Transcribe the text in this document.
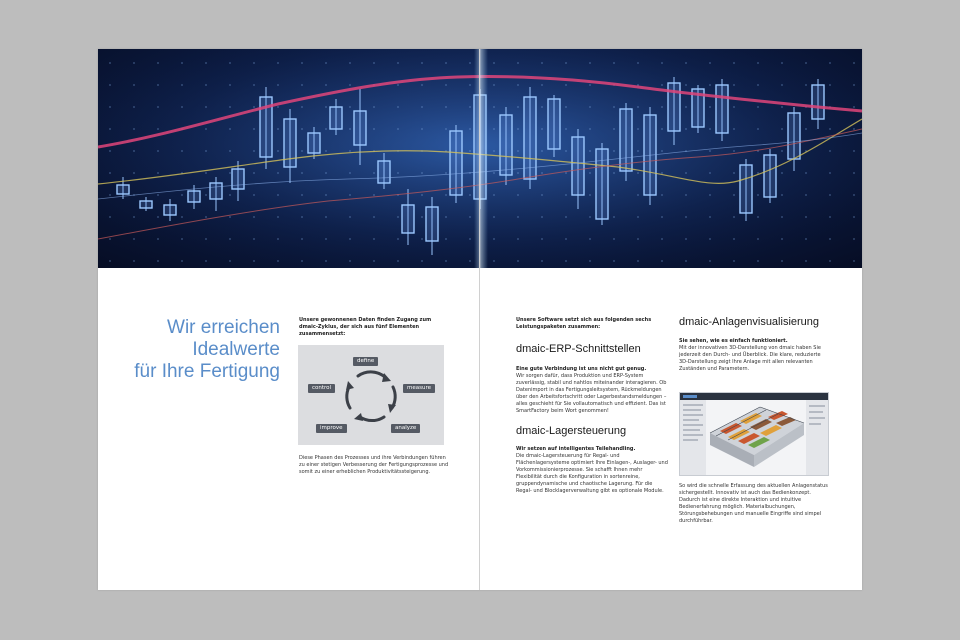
Wir erreichen
Idealwerte
für Ihre Fertigung

Unsere gewonnenen Daten finden Zugang zum dmaic-Zyklus, der sich aus fünf Elementen zusammensetzt:

define
measure
analyze
improve
control

Diese Phasen des Prozesses und ihre Verbindungen führen zu einer stetigen Verbesserung der Fertigungsprozesse und somit zu einer erheblichen Produktivitätssteigerung.

Unsere Software setzt sich aus folgenden sechs Leistungspaketen zusammen:

dmaic-ERP-Schnittstellen

Eine gute Verbindung ist uns nicht gut genug.

Wir sorgen dafür, dass Produktion und ERP-System zuverlässig, stabil und nahtlos miteinander interagieren. Ob Datenimport in das Fertigungsleitsystem, Rückmeldungen über den Arbeitsfortschritt oder Lagerbestandsmeldungen – alles geschieht für Sie vollautomatisch und effizient. Das ist SmartFactory beim Wort genommen!

dmaic-Lagersteuerung

Wir setzen auf intelligentes Teilehandling.

Die dmaic-Lagersteuerung für Regal- und Flächenlagersysteme optimiert Ihre Einlagen-, Auslager- und Vorkommissionierprozesse. Sie schafft Ihnen mehr Flexibilität durch die Konfiguration in sortenreine, gruppendynamische und chaotische Lagerung. Für die Regal- und Blocklagerverwaltung gibt es optionale Module.

dmaic-Anlagenvisualisierung

Sie sehen, wie es einfach funktioniert.

Mit der innovativen 3D-Darstellung von dmaic haben Sie jederzeit den Durch- und Überblick. Die klare, reduzierte 3D-Darstellung zeigt Ihre Anlage mit allen relevanten Zuständen und Parametern.

So wird die schnelle Erfassung des aktuellen Anlagenstatus sichergestellt. Innovativ ist auch das Bedienkonzept. Dadurch ist eine direkte Interaktion und intuitive Bedienerfahrung möglich. Materialbuchungen, Störungsbehebungen und manuelle Eingriffe sind simpel durchführbar.
